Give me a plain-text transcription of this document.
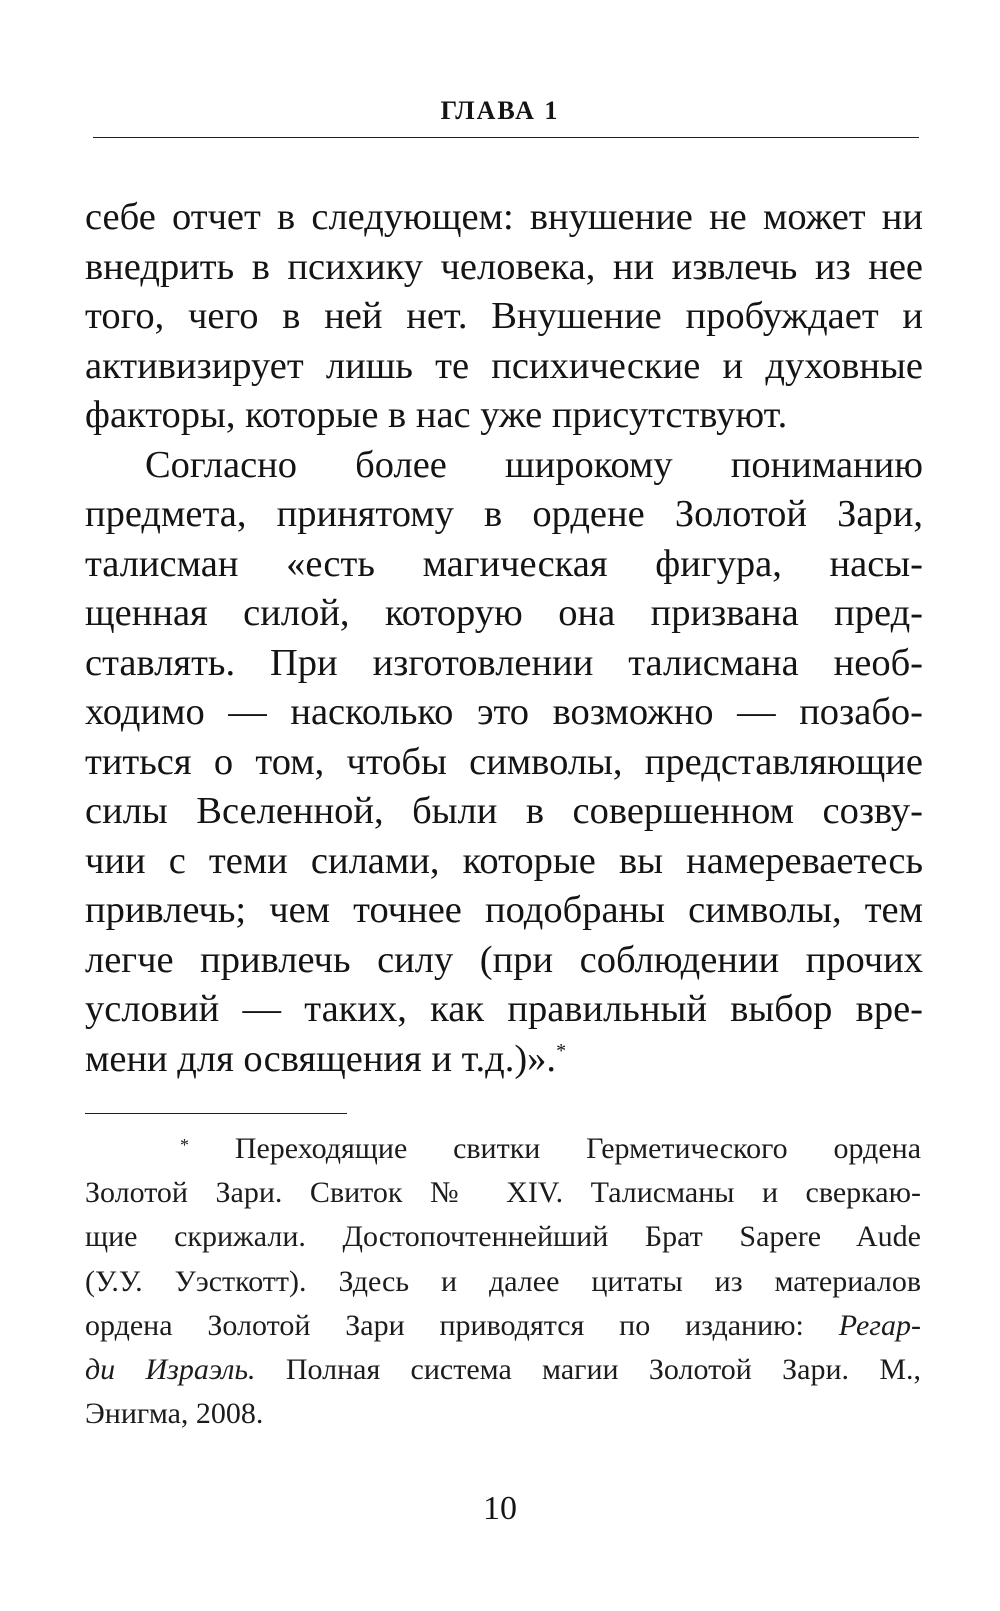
ГЛАВА 1
себе отчет в следующем: внушение не может ни
внедрить в психику человека, ни извлечь из нее
того, чего в ней нет. Внушение пробуждает и
активизирует лишь те психические и духовные
факторы, которые в нас уже присутствуют.
Согласно более широкому пониманию
предмета, принятому в ордене Золотой Зари,
талисман «есть магическая фигура, насы-
щенная силой, которую она призвана пред-
ставлять. При изготовлении талисмана необ-
ходимо — насколько это возможно — позабо-
титься о том, чтобы символы, представляющие
силы Вселенной, были в совершенном созву-
чии с теми силами, которые вы намереваетесь
привлечь; чем точнее подобраны символы, тем
легче привлечь силу (при соблюдении прочих
условий — таких, как правильный выбор вре-
мени для освящения и т.д.)».*
* Переходящие свитки Герметического ордена
Золотой Зари. Свиток № XIV. Талисманы и сверкаю-
щие скрижали. Достопочтеннейший Брат Sapere Aude
(У.У. Уэсткотт). Здесь и далее цитаты из материалов
ордена Золотой Зари приводятся по изданию: Регар-
ди Израэль. Полная система магии Золотой Зари. М.,
Энигма, 2008.
10
